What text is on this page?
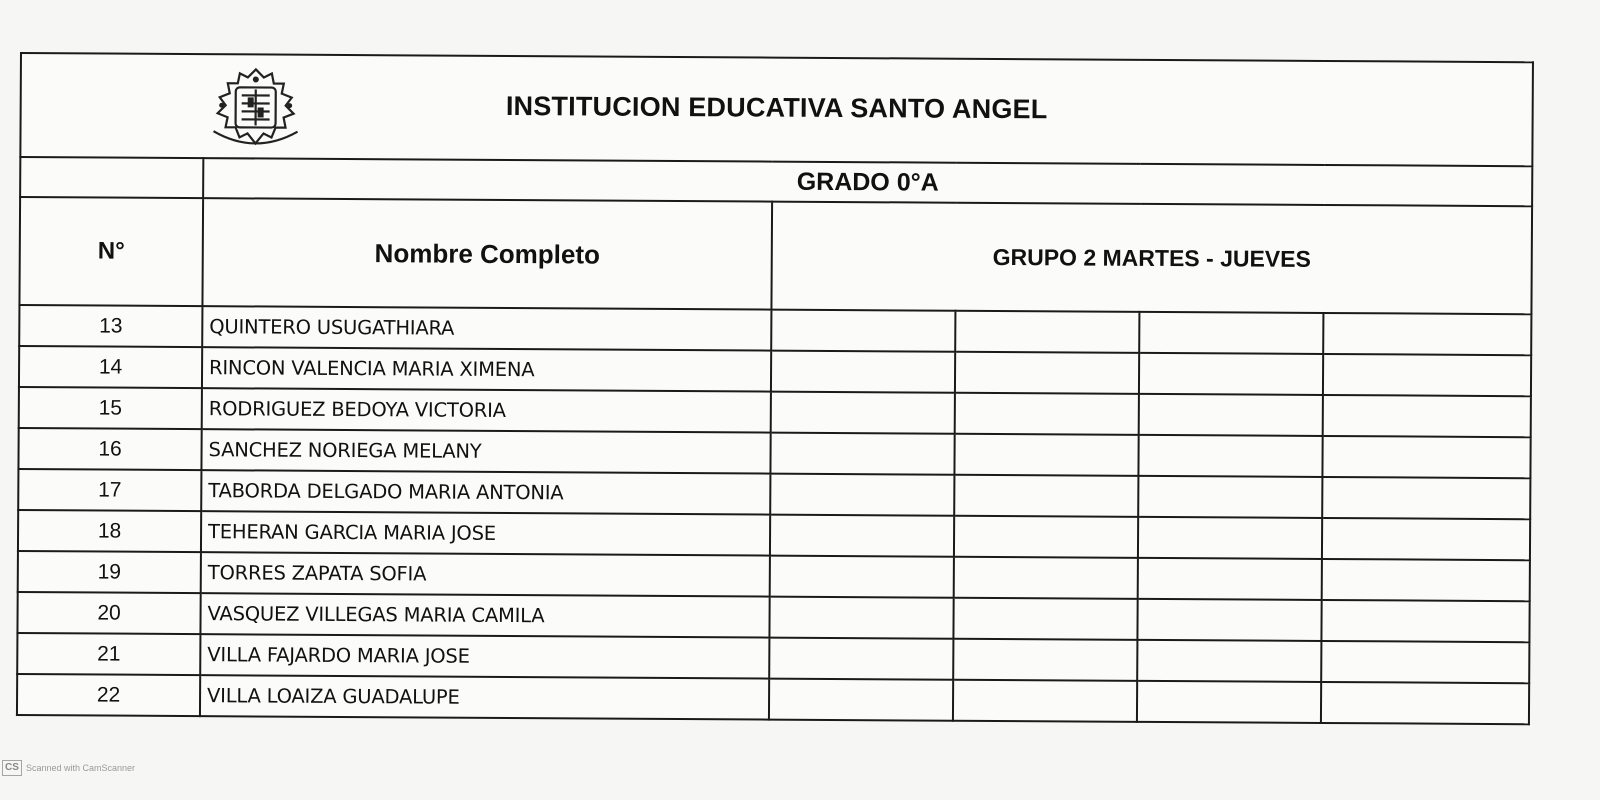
INSTITUCION EDUCATIVA SANTO ANGEL					

	GRADO 0°A				
N°	Nombre Completo	GRUPO 2 MARTES - JUEVES			
13	QUINTERO USUGATHIARA				
14	RINCON VALENCIA MARIA XIMENA				
15	RODRIGUEZ BEDOYA VICTORIA				
16	SANCHEZ NORIEGA MELANY				
17	TABORDA DELGADO MARIA ANTONIA				
18	TEHERAN GARCIA MARIA JOSE				
19	TORRES ZAPATA SOFIA				
20	VASQUEZ VILLEGAS MARIA CAMILA				
21	VILLA FAJARDO MARIA JOSE				
22	VILLA LOAIZA GUADALUPE				
CS Scanned with CamScanner
